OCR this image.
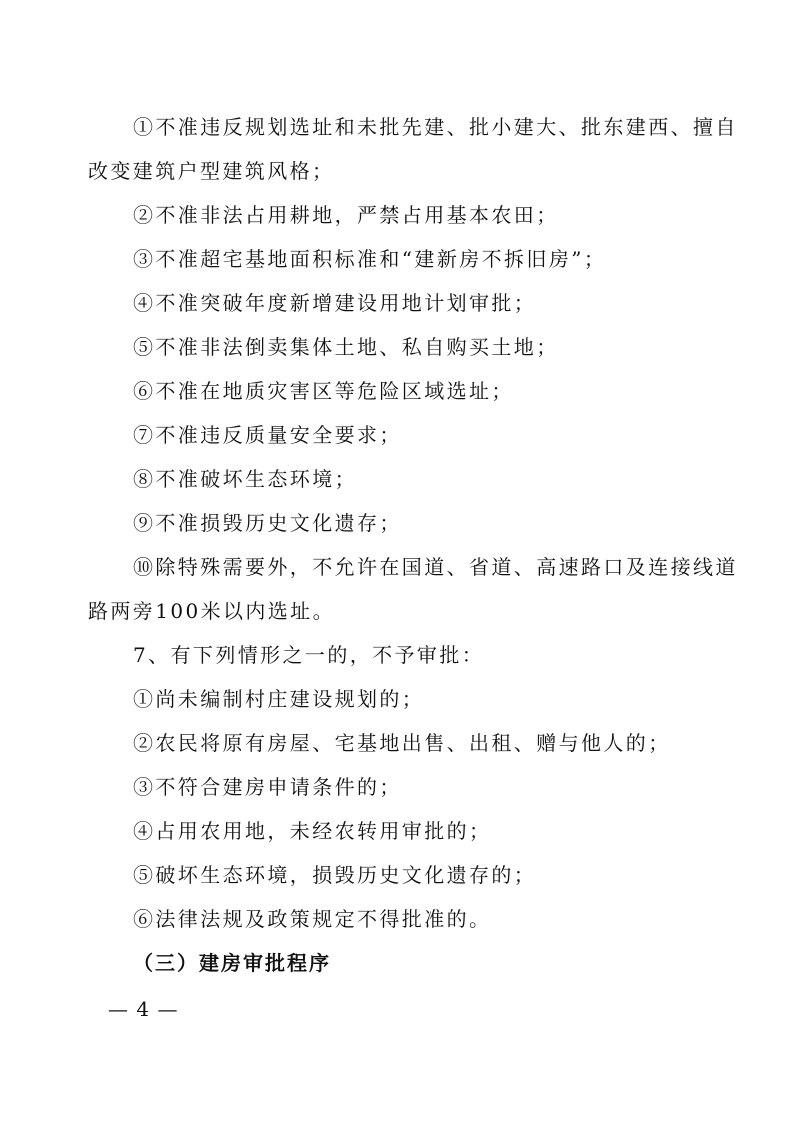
①不准违反规划选址和未批先建、批小建大、批东建西、擅自
改变建筑户型建筑风格；
②不准非法占用耕地，严禁占用基本农田；
③不准超宅基地面积标准和“建新房不拆旧房”；
④不准突破年度新增建设用地计划审批；
⑤不准非法倒卖集体土地、私自购买土地；
⑥不准在地质灾害区等危险区域选址；
⑦不准违反质量安全要求；
⑧不准破坏生态环境；
⑨不准损毁历史文化遗存；
⑩除特殊需要外，不允许在国道、省道、高速路口及连接线道
路两旁100米以内选址。
7、有下列情形之一的，不予审批：
①尚未编制村庄建设规划的；
②农民将原有房屋、宅基地出售、出租、赠与他人的；
③不符合建房申请条件的；
④占用农用地，未经农转用审批的；
⑤破坏生态环境，损毁历史文化遗存的；
⑥法律法规及政策规定不得批准的。
（三）建房审批程序
— 4 —
